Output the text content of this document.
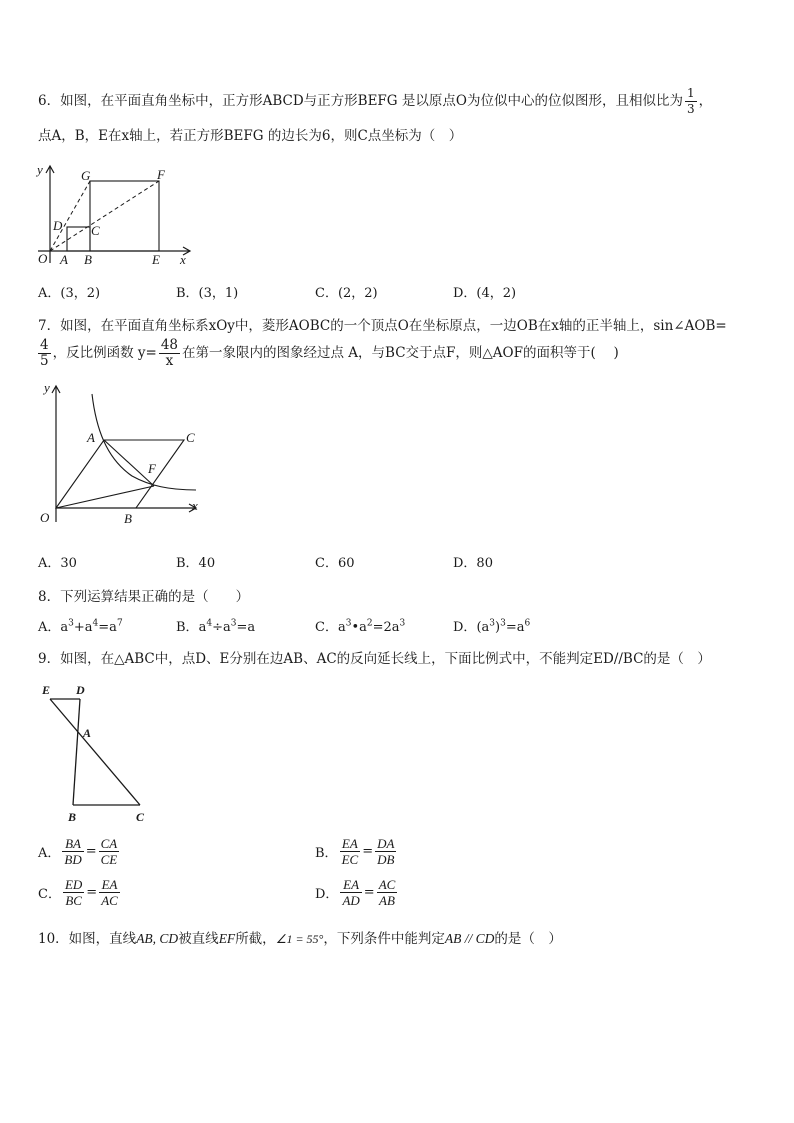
6．如图，在平面直角坐标中，正方形ABCD与正方形BEFG 是以原点O为位似中心的位似图形，且相似比为 $\frac{1}{3}$ ，
点A，B，E在x轴上，若正方形BEFG 的边长为6，则C点坐标为（　）
y
x
O A B	E
D C
G	F
A．(3，2)	B．(3，1)	C．(2，2)	D．(4，2)
7．如图，在平面直角坐标系xOy中，菱形AOBC的一个顶点O在坐标原点，一边OB在x轴的正半轴上，sin∠AOB=
$\frac{4}{5}$ ，反比例函数 $y= \frac{48}{x}$ 在第一象限内的图象经过点 A，与BC交于点F，则△AOF的面积等于(　 )
y
x
O
A
B
C
F
A．30	B．40	C．60	D．80
8．下列运算结果正确的是（　　）
A．$a^3+a^4=a^7$	B．$a^4\div a^3=a$	C．$a^3•a^2=2a^3$	D．$(a^3)^3=a^6$
9．如图，在△ABC中，点D、E分别在边AB、AC的反向延长线上，下面比例式中，不能判定ED//BC的是（　）
E D
A
B	C
A． $\frac{BA}{BD} = \frac{CA}{CE}$	B． $\frac{EA}{EC} = \frac{DA}{DB}$
C． $\frac{ED}{BC} = \frac{EA}{AC}$	D． $\frac{EA}{AD} = \frac{AC}{AB}$
10．如图，直线AB, CD被直线EF所截，∠1 = 55°，下列条件中能判定AB // CD的是（　）
